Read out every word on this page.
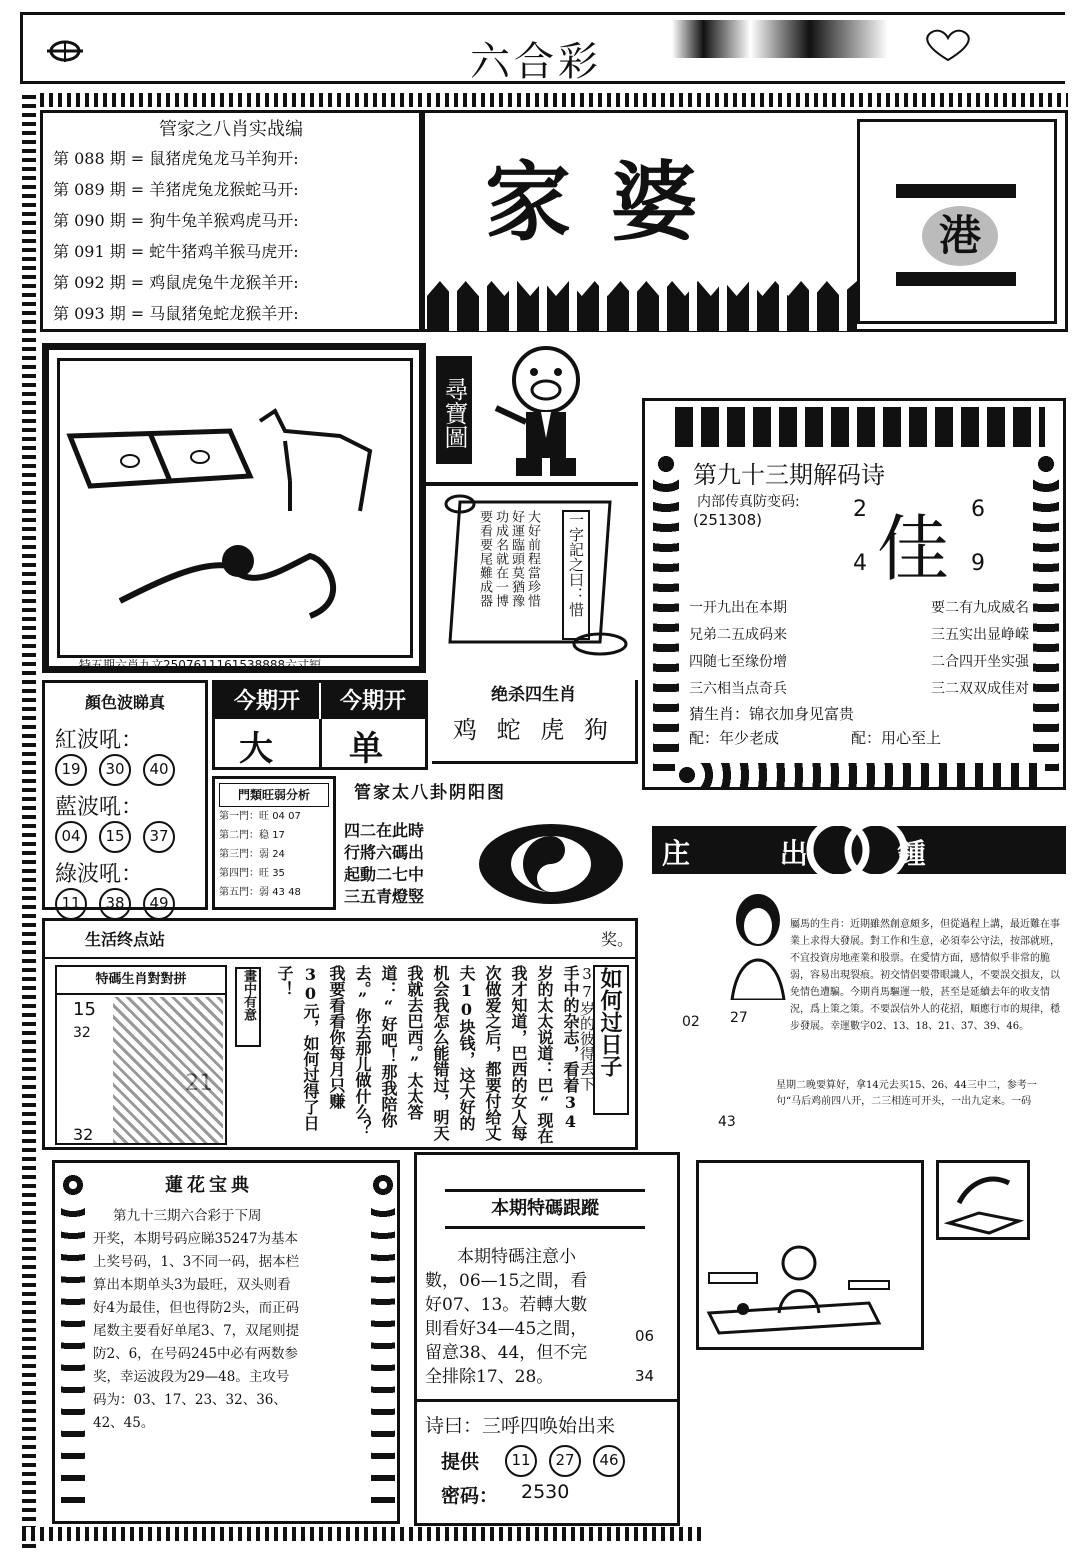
六合彩
管家之八肖实战编
第 088 期 = 鼠猪虎兔龙马羊狗开:
第 089 期 = 羊猪虎兔龙猴蛇马开:
第 090 期 = 狗牛兔羊猴鸡虎马开:
第 091 期 = 蛇牛猪鸡羊猴马虎开:
第 092 期 = 鸡鼠虎兔牛龙猴羊开:
第 093 期 = 马鼠猪兔蛇龙猴羊开:
家婆	港
特五期六肖九文2507611161538888六寸短
尋寶圖
大好前程當珍惜 好運臨頭莫猶豫 功成名就在一博 要看要尾難成器	一字記之曰：惜
第九十三期解码诗
内部传真防变码:
(251308) 佳
2	6
4	9
一开九出在本期	要二有九成威名
兄弟二五成码来	三五实出显峥嵘
四随七至缘份增	二合四开坐实强
三六相当点奇兵	三二双双成佳对
猜生肖：锦衣加身见富贵
配：年少老成	配：用心至上
顏色波睇真
紅波吼：
19 30 40
藍波吼：
04 15 37
綠波吼：
11 38 49
今期开	今期开
大 单
绝杀四生肖
鸡 蛇 虎 狗
門類旺弱分析
第一門：旺 04 07
第二門：稳 17
第三門：弱 24
第四門：旺 35
第五門：弱 43 48
管家太八卦阴阳图
四二在此時
行將六碼出
起動二七中
三五青燈竪
庄 出 鍾 碼
屬馬的生肖：近期雖然創意頗多，但從過程上講，最近難在事業上求得大發展。對工作和生意，必須奉公守法，按部就班，不宜投資房地產業和股票。在愛情方面，感情似乎非常的脆弱，容易出現裂痕。初交情侶要帶眼識人，不要誤交損友，以免情色遭騙。今期肖馬驅運一般，甚至是延續去年的收支情況，爲上策之策。不要誤信外人的花招，順應行市的規律，穩步發展。幸運數字02、13、18、21、37、39、46。
02 27
43
星期二晚要算好，拿14元去买15、26、44三中二，参考一句“马后鸡前四八开，二三相连可开头，一出九定来。一码
生活终点站	奖。
特碼生肖對對拼
15
32
32
畫中有意	手中的杂志，看着34岁的太太说道：巴“现在我才知道，巴西的女人每次做爱之后，都要付给丈夫10块钱，这大好的机会我怎么能错过，明天我就去巴西。”太太答道：“好吧！那我陪你去。”你去那儿做什么？我要看看你每月只赚30元，如何过得了日子！	37岁的彼得丢下 如何过日子
蓮花宝典
第九十三期六合彩于下周
开奖，本期号码应睇35247为基本
上奖号码，1、3不同一码，据本栏
算出本期单头3为最旺，双头则看
好4为最佳，但也得防2头，而正码
尾数主要看好单尾3、7，双尾则提
防2、6，在号码245中必有两数参
奖，幸运波段为29—48。主攻号
码为：03、17、23、32、36、
42、45。
本期特碼跟蹤
本期特碼注意小
數，06—15之間，看
好07、13。若轉大數
則看好34—45之間，
留意38、44，但不完
全排除17、28。
06
34
诗曰：三呼四唤始出来
提供	11 27 46
密码： 2530
